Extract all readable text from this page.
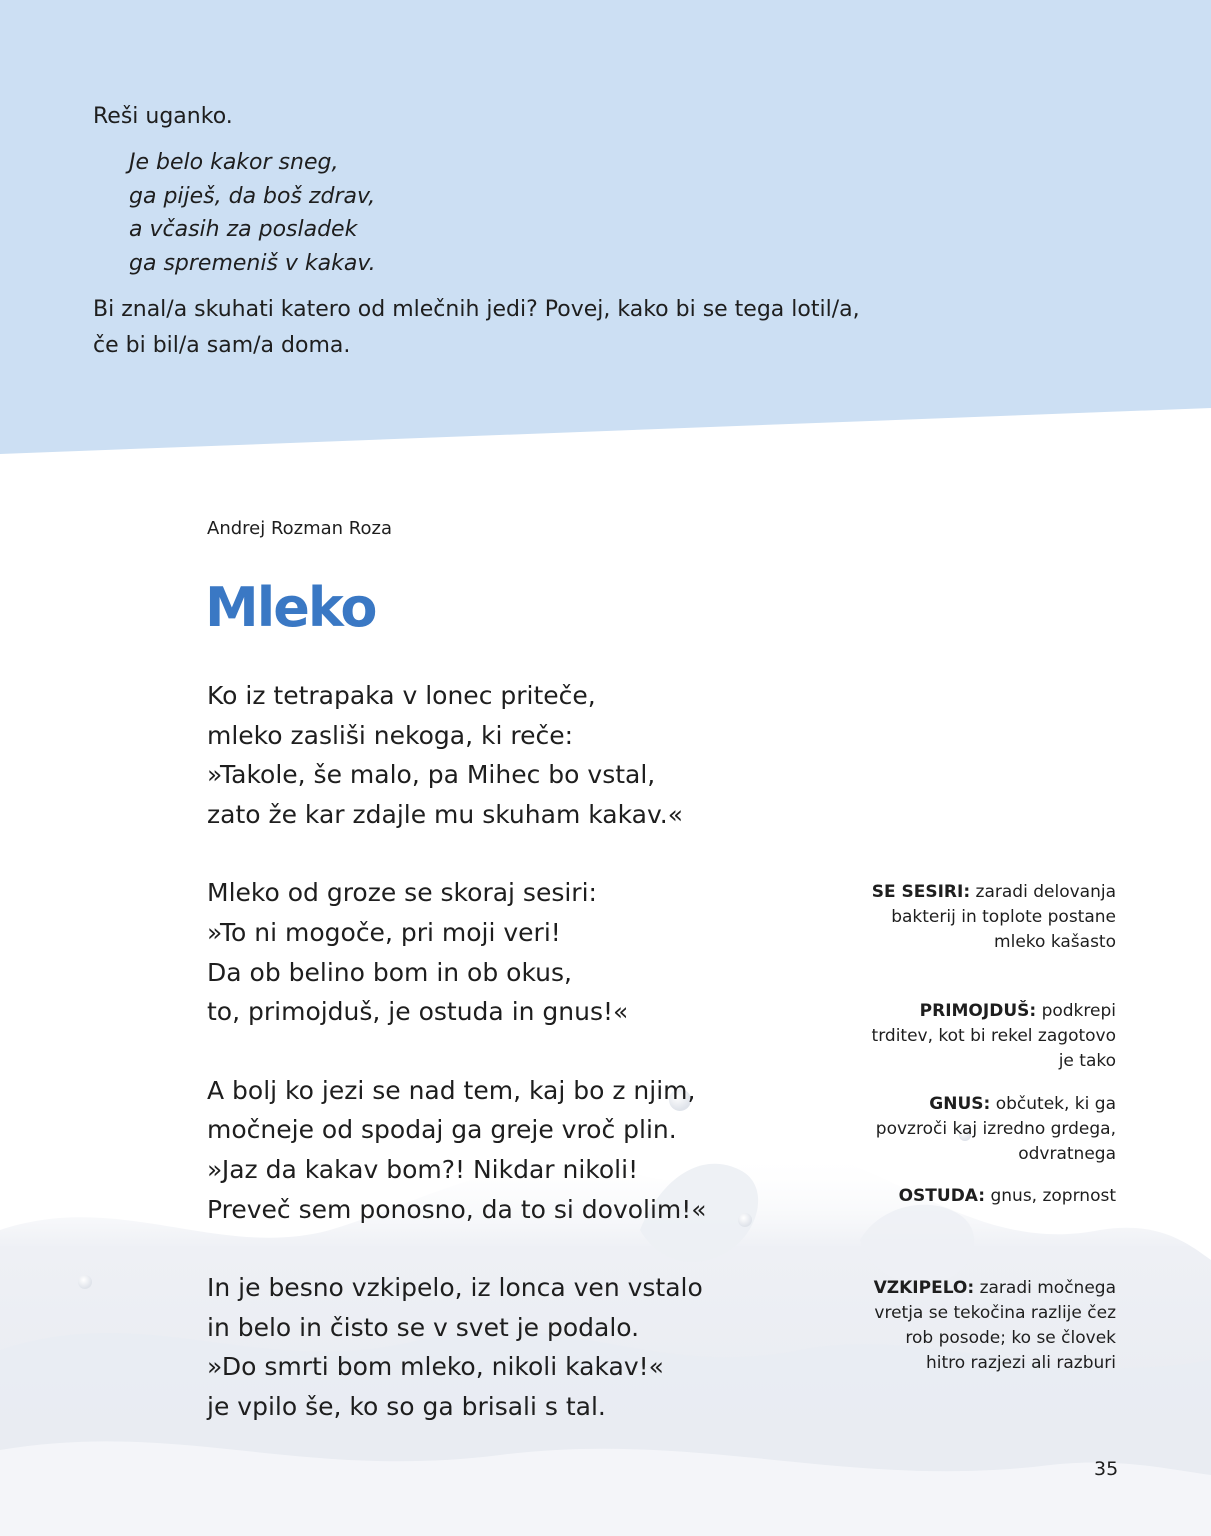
Reši uganko.

Je belo kakor sneg,
ga piješ, da boš zdrav,
a včasih za posladek
ga spremeniš v kakav.

Bi znal/a skuhati katero od mlečnih jedi? Povej, kako bi se tega lotil/a,
če bi bil/a sam/a doma.

Andrej Rozman Roza
Mleko
Ko iz tetrapaka v lonec priteče,
mleko zasliši nekoga, ki reče:
»Takole, še malo, pa Mihec bo vstal,
zato že kar zdajle mu skuham kakav.«
Mleko od groze se skoraj sesiri:
»To ni mogoče, pri moji veri!
Da ob belino bom in ob okus,
to, primojduš, je ostuda in gnus!«
A bolj ko jezi se nad tem, kaj bo z njim,
močneje od spodaj ga greje vroč plin.
»Jaz da kakav bom?! Nikdar nikoli!
Preveč sem ponosno, da to si dovolim!«
In je besno vzkipelo, iz lonca ven vstalo
in belo in čisto se v svet je podalo.
»Do smrti bom mleko, nikoli kakav!«
je vpilo še, ko so ga brisali s tal.
SE SESIRI: zaradi delovanja
bakterij in toplote postane
mleko kašasto
PRIMOJDUŠ: podkrepi
trditev, kot bi rekel zagotovo
je tako
GNUS: občutek, ki ga
povzroči kaj izredno grdega,
odvratnega
OSTUDA: gnus, zoprnost
VZKIPELO: zaradi močnega
vretja se tekočina razlije čez
rob posode; ko se človek
hitro razjezi ali razburi
35
